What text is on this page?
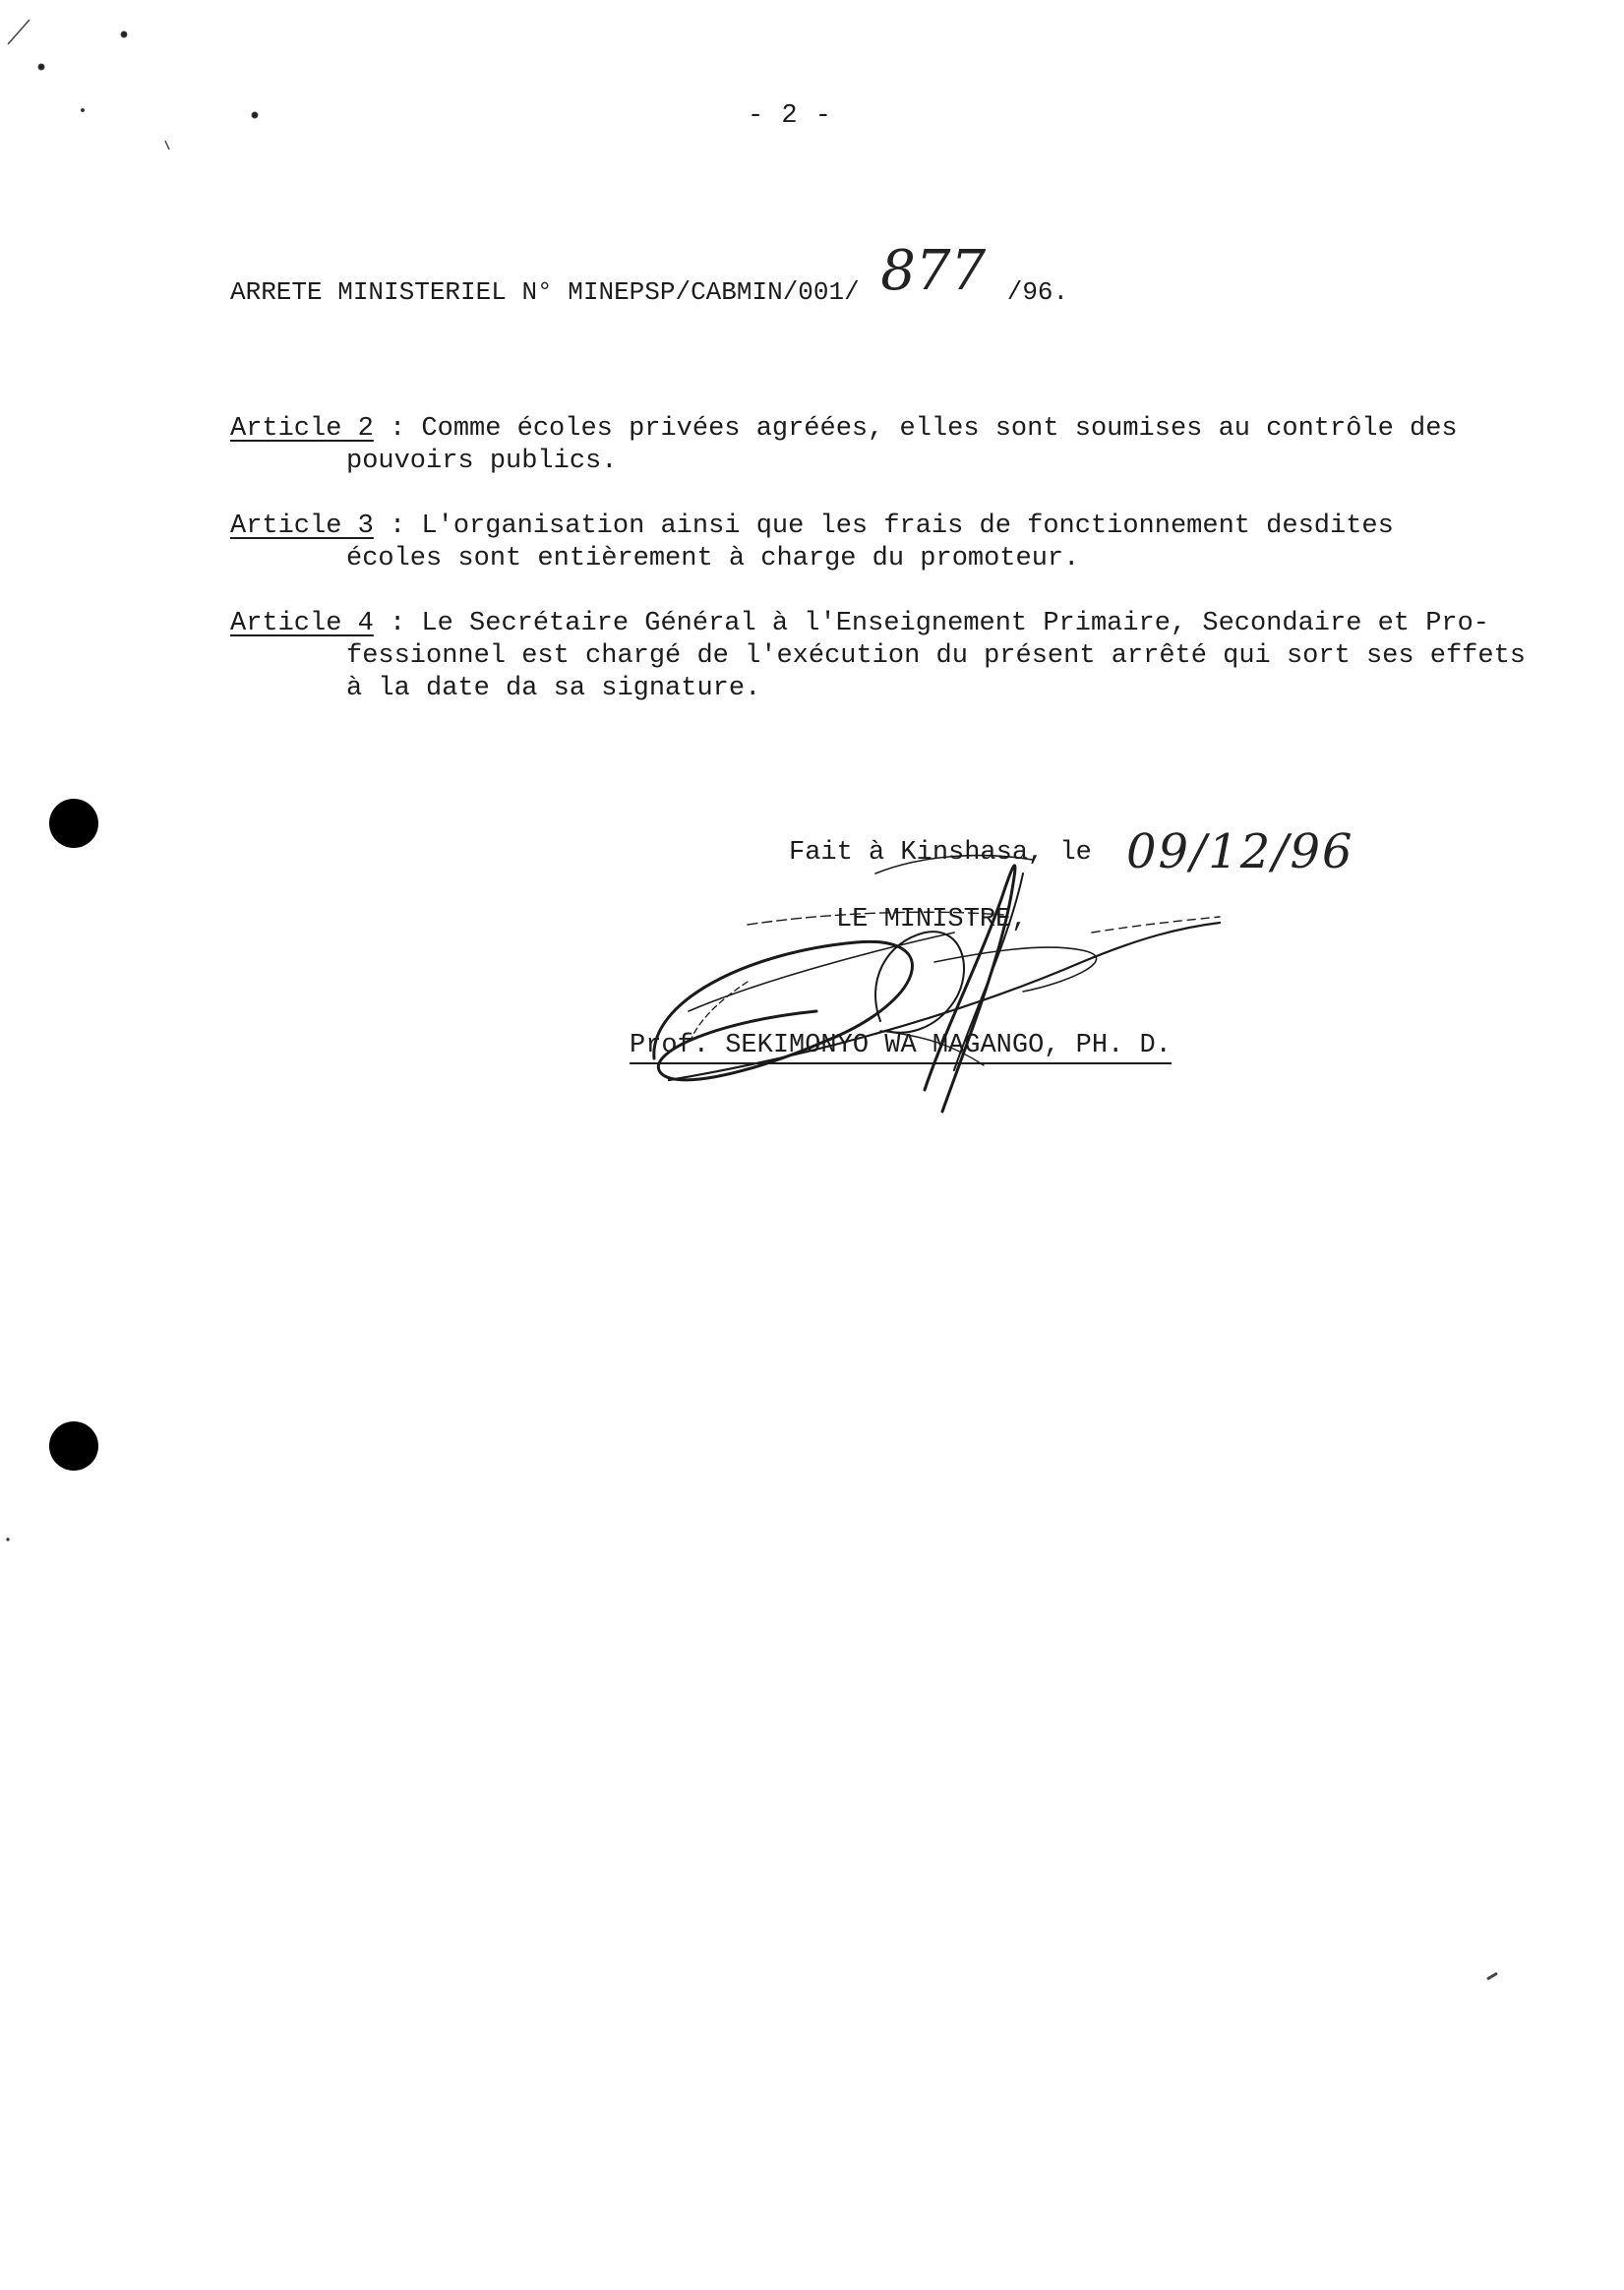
- 2 -
ARRETE MINISTERIEL N° MINEPSP/CABMIN/001/ 877 /96.
Article 2 : Comme écoles privées agréées, elles sont soumises au contrôle des
pouvoirs publics.
Article 3 : L'organisation ainsi que les frais de fonctionnement desdites
écoles sont entièrement à charge du promoteur.
Article 4 : Le Secrétaire Général à l'Enseignement Primaire, Secondaire et Pro-
fessionnel est chargé de l'exécution du présent arrêté qui sort ses effets
à la date da sa signature.
Fait à Kinshasa, le 09/12/96
LE MINISTRE,
Prof. SEKIMONYO WA MAGANGO, PH. D.
